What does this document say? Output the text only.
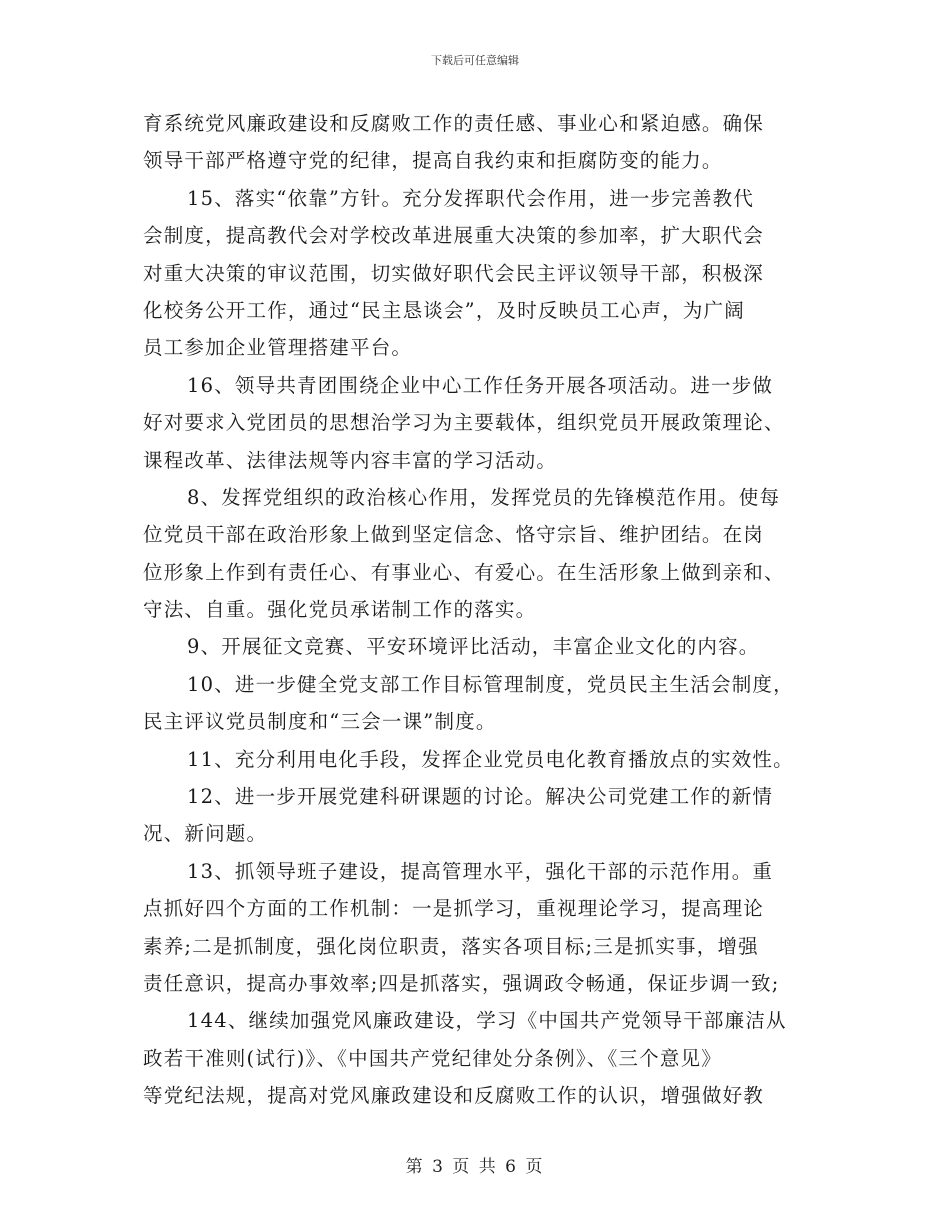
下载后可任意编辑
育系统党风廉政建设和反腐败工作的责任感、事业心和紧迫感。确保
领导干部严格遵守党的纪律，提高自我约束和拒腐防变的能力。
15、落实“依靠”方针。充分发挥职代会作用，进一步完善教代
会制度，提高教代会对学校改革进展重大决策的参加率，扩大职代会
对重大决策的审议范围，切实做好职代会民主评议领导干部，积极深
化校务公开工作，通过“民主恳谈会”，及时反映员工心声，为广阔
员工参加企业管理搭建平台。
16、领导共青团围绕企业中心工作任务开展各项活动。进一步做
好对要求入党团员的思想治学习为主要载体，组织党员开展政策理论、
课程改革、法律法规等内容丰富的学习活动。
8、发挥党组织的政治核心作用，发挥党员的先锋模范作用。使每
位党员干部在政治形象上做到坚定信念、恪守宗旨、维护团结。在岗
位形象上作到有责任心、有事业心、有爱心。在生活形象上做到亲和、
守法、自重。强化党员承诺制工作的落实。
9、开展征文竞赛、平安环境评比活动，丰富企业文化的内容。
10、进一步健全党支部工作目标管理制度，党员民主生活会制度，
民主评议党员制度和“三会一课”制度。
11、充分利用电化手段，发挥企业党员电化教育播放点的实效性。
12、进一步开展党建科研课题的讨论。解决公司党建工作的新情
况、新问题。
13、抓领导班子建设，提高管理水平，强化干部的示范作用。重
点抓好四个方面的工作机制：一是抓学习，重视理论学习，提高理论
素养;二是抓制度，强化岗位职责，落实各项目标;三是抓实事，增强
责任意识，提高办事效率;四是抓落实，强调政令畅通，保证步调一致;
144、继续加强党风廉政建设，学习《中国共产党领导干部廉洁从
政若干准则(试行)》、《中国共产党纪律处分条例》、《三个意见》
等党纪法规，提高对党风廉政建设和反腐败工作的认识，增强做好教
第 3 页 共 6 页
